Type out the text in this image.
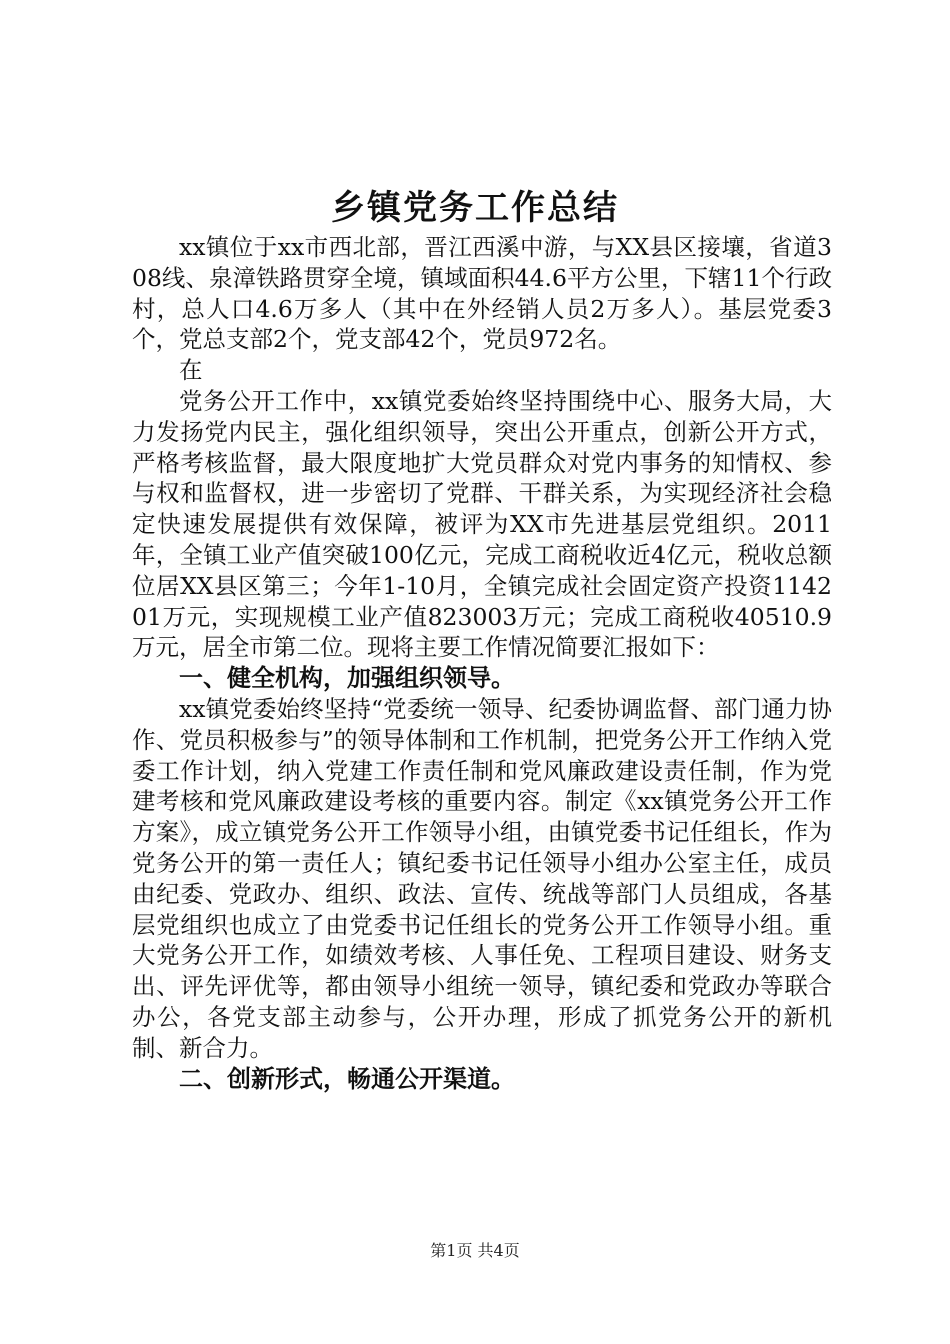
乡镇党务工作总结

xx镇位于xx市西北部，晋江西溪中游，与XX县区接壤，省道308线、泉漳铁路贯穿全境，镇域面积44.6平方公里，下辖11个行政村，总人口4.6万多人（其中在外经销人员2万多人）。基层党委3个，党总支部2个，党支部42个，党员972名。

在

党务公开工作中，xx镇党委始终坚持围绕中心、服务大局，大力发扬党内民主，强化组织领导，突出公开重点，创新公开方式，严格考核监督，最大限度地扩大党员群众对党内事务的知情权、参与权和监督权，进一步密切了党群、干群关系，为实现经济社会稳定快速发展提供有效保障，被评为XX市先进基层党组织。2011年，全镇工业产值突破100亿元，完成工商税收近4亿元，税收总额位居XX县区第三；今年1-10月，全镇完成社会固定资产投资114201万元，实现规模工业产值823003万元；完成工商税收40510.9万元，居全市第二位。现将主要工作情况简要汇报如下：

一、健全机构，加强组织领导。

xx镇党委始终坚持“党委统一领导、纪委协调监督、部门通力协作、党员积极参与”的领导体制和工作机制，把党务公开工作纳入党委工作计划，纳入党建工作责任制和党风廉政建设责任制，作为党建考核和党风廉政建设考核的重要内容。制定《xx镇党务公开工作方案》，成立镇党务公开工作领导小组，由镇党委书记任组长，作为党务公开的第一责任人；镇纪委书记任领导小组办公室主任，成员由纪委、党政办、组织、政法、宣传、统战等部门人员组成，各基层党组织也成立了由党委书记任组长的党务公开工作领导小组。重大党务公开工作，如绩效考核、人事任免、工程项目建设、财务支出、评先评优等，都由领导小组统一领导，镇纪委和党政办等联合办公，各党支部主动参与，公开办理，形成了抓党务公开的新机制、新合力。

二、创新形式，畅通公开渠道。

第1页 共4页
